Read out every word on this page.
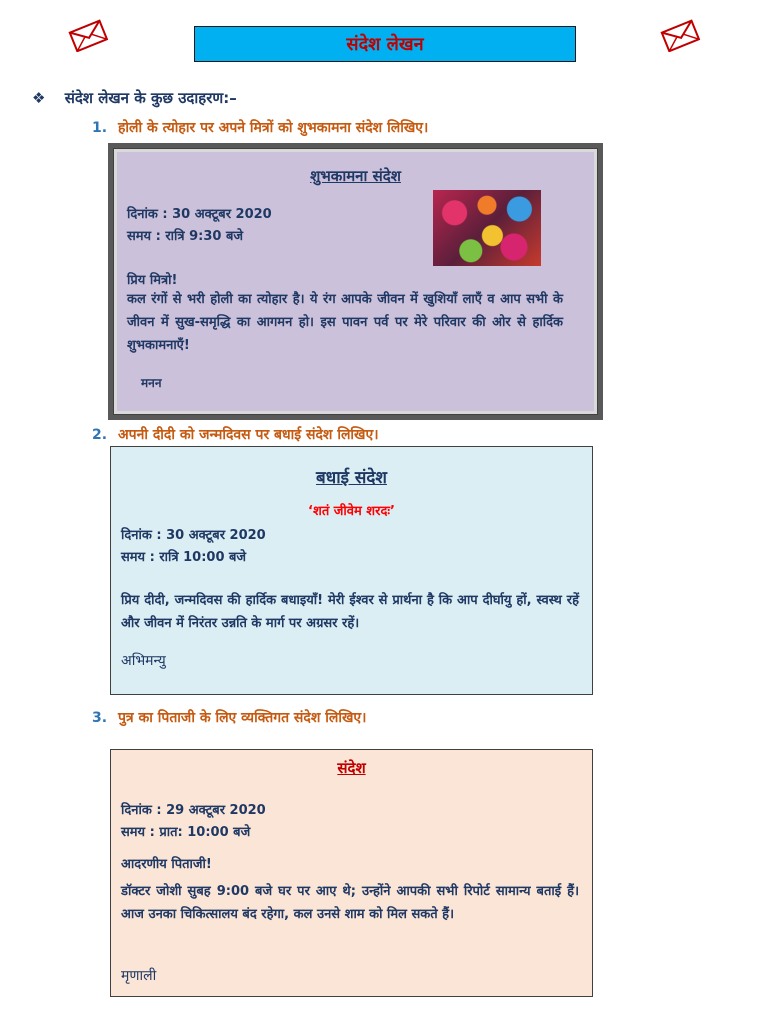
संदेश लेखन
❖ संदेश लेखन के कुछ उदाहरण:–
1. होली के त्योहार पर अपने मित्रों को शुभकामना संदेश लिखिए।
शुभकामना संदेश
दिनांक : 30 अक्टूबर 2020
समय : रात्रि 9:30 बजे
प्रिय मित्रो!
कल रंगों से भरी होली का त्योहार है। ये रंग आपके जीवन में खुशियाँ लाएँ व आप सभी के जीवन में सुख-समृद्धि का आगमन हो। इस पावन पर्व पर मेरे परिवार की ओर से हार्दिक शुभकामनाएँ!
मनन
2. अपनी दीदी को जन्मदिवस पर बधाई संदेश लिखिए।
बधाई संदेश
‘शतं जीवेम शरदः’
दिनांक : 30 अक्टूबर 2020
समय : रात्रि 10:00 बजे
प्रिय दीदी, जन्मदिवस की हार्दिक बधाइयाँ! मेरी ईश्वर से प्रार्थना है कि आप दीर्घायु हों, स्वस्थ रहें और जीवन में निरंतर उन्नति के मार्ग पर अग्रसर रहें।
अभिमन्यु
3. पुत्र का पिताजी के लिए व्यक्तिगत संदेश लिखिए।
संदेश
दिनांक : 29 अक्टूबर 2020
समय : प्रात: 10:00 बजे
आदरणीय पिताजी!
डॉक्टर जोशी सुबह 9:00 बजे घर पर आए थे; उन्होंने आपकी सभी रिपोर्ट सामान्य बताई हैं। आज उनका चिकित्सालय बंद रहेगा, कल उनसे शाम को मिल सकते हैं।
मृणाली
